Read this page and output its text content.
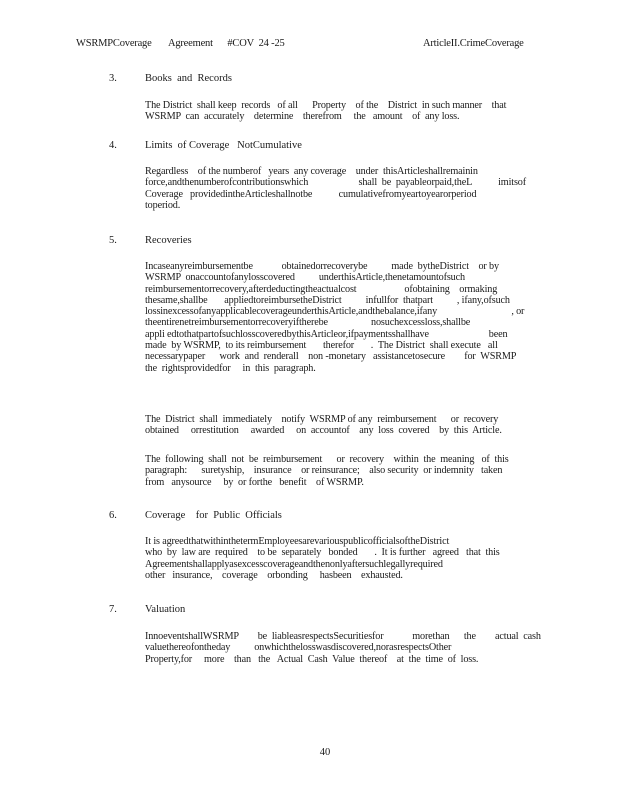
WSRMPCoverage       Agreement      #COV  24 -25	ArticleII.CrimeCoverage
3.	Books  and  Records
The District  shall keep  records   of all      Property    of the    District  in such manner    that
WSRMP  can  accurately    determine    therefrom     the   amount    of  any loss.
4.	Limits  of Coverage   NotCumulative
Regardless    of the numberof   years  any coverage    under  thisArticleshallremainin
force,andthenumberofcontributionswhich                     shall  be  payableorpaid,theL           imitsof
Coverage   providedintheArticleshallnotbe           cumulativefromyeartoyearorperiod
toperiod.
5.	Recoveries
Incaseanyreimbursementbe            obtainedorrecoverybe          made  bytheDistrict    or by
WSRMP  onaccountofanylosscovered          underthisArticle,thenetamountofsuch
reimbursementorrecovery,afterdeductingtheactualcost                    ofobtaining    ormaking
thesame,shallbe       appliedtoreimbursetheDistrict          infullfor  thatpart          , ifany,ofsuch
lossinexcessofanyapplicablecoverageunderthisArticle,andthebalance,ifany                               , or
theentirenetreimbursementorrecoveryiftherebe                  nosuchexcessloss,shallbe
appli edtothatpartofsuchlosscoveredbythisArticleor,ifpaymentsshallhave                         been
made  by WSRMP,  to its reimbursement       therefor       .  The District  shall execute   all
necessarypaper      work  and  renderall    non -monetary   assistancetosecure        for  WSRMP
the  rightsprovidedfor     in  this  paragraph.
The  District  shall  immediately    notify  WSRMP of any  reimbursement      or  recovery
obtained     orrestitution     awarded     on  accountof    any  loss  covered    by  this  Article.
The  following  shall  not  be  reimbursement      or  recovery    within  the  meaning   of  this
paragraph:      suretyship,    insurance    or reinsurance;    also security  or indemnity   taken
from   anysource     by  or forthe   benefit    of WSRMP.
6.	Coverage    for  Public  Officials
It is agreedthatwithinthetermEmployeesarevariouspublicofficialsoftheDistrict
who  by  law are  required    to be  separately   bonded       .  It is further   agreed   that  this
Agreementshallapplyasexcesscoverageandthenonlyaftersuchlegallyrequired
other   insurance,    coverage    orbonding     hasbeen    exhausted.
7.	Valuation
InnoeventshallWSRMP        be  liableasrespectsSecuritiesfor            morethan      the        actual  cash
valuethereofontheday          onwhichthelosswasdiscovered,norasrespectsOther
Property,for     more    than   the   Actual  Cash  Value  thereof    at  the  time  of  loss.
40
